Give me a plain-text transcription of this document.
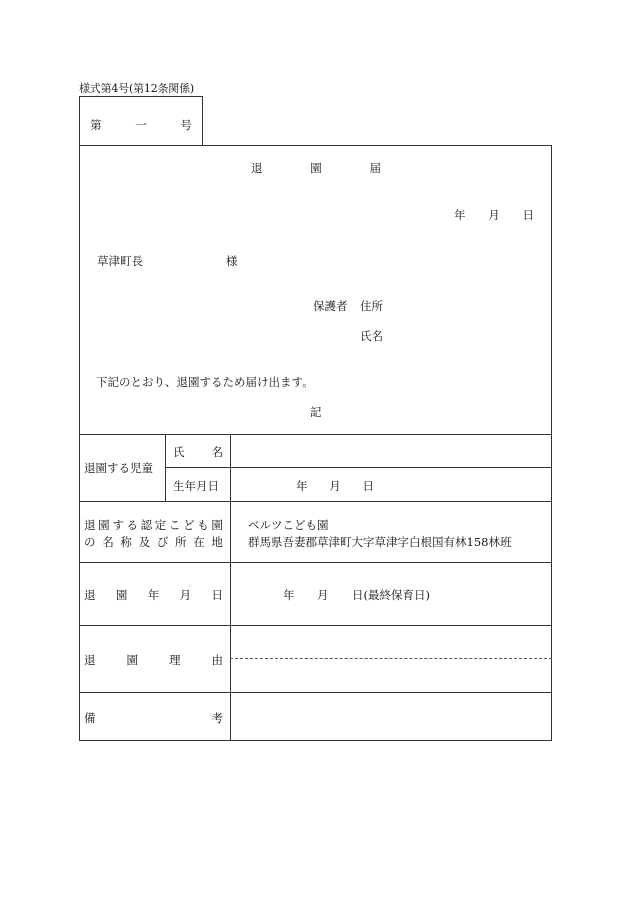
様式第4号(第12条関係)
第 一 号
退	園	届
年 月 日
草津町長	様
保護者 住所
氏名
下記のとおり、退園するため届け出ます。
記
退園する児童
氏 名
生年月日	年 月 日
退 園 す る 認 定 こ ど も 園
の 名 称 及 び 所 在 地
ベルツこども園
群馬県吾妻郡草津町大字草津字白根国有林158林班
退 園 年 月 日	年 月 日(最終保育日)
退	園	理	由
備	考
